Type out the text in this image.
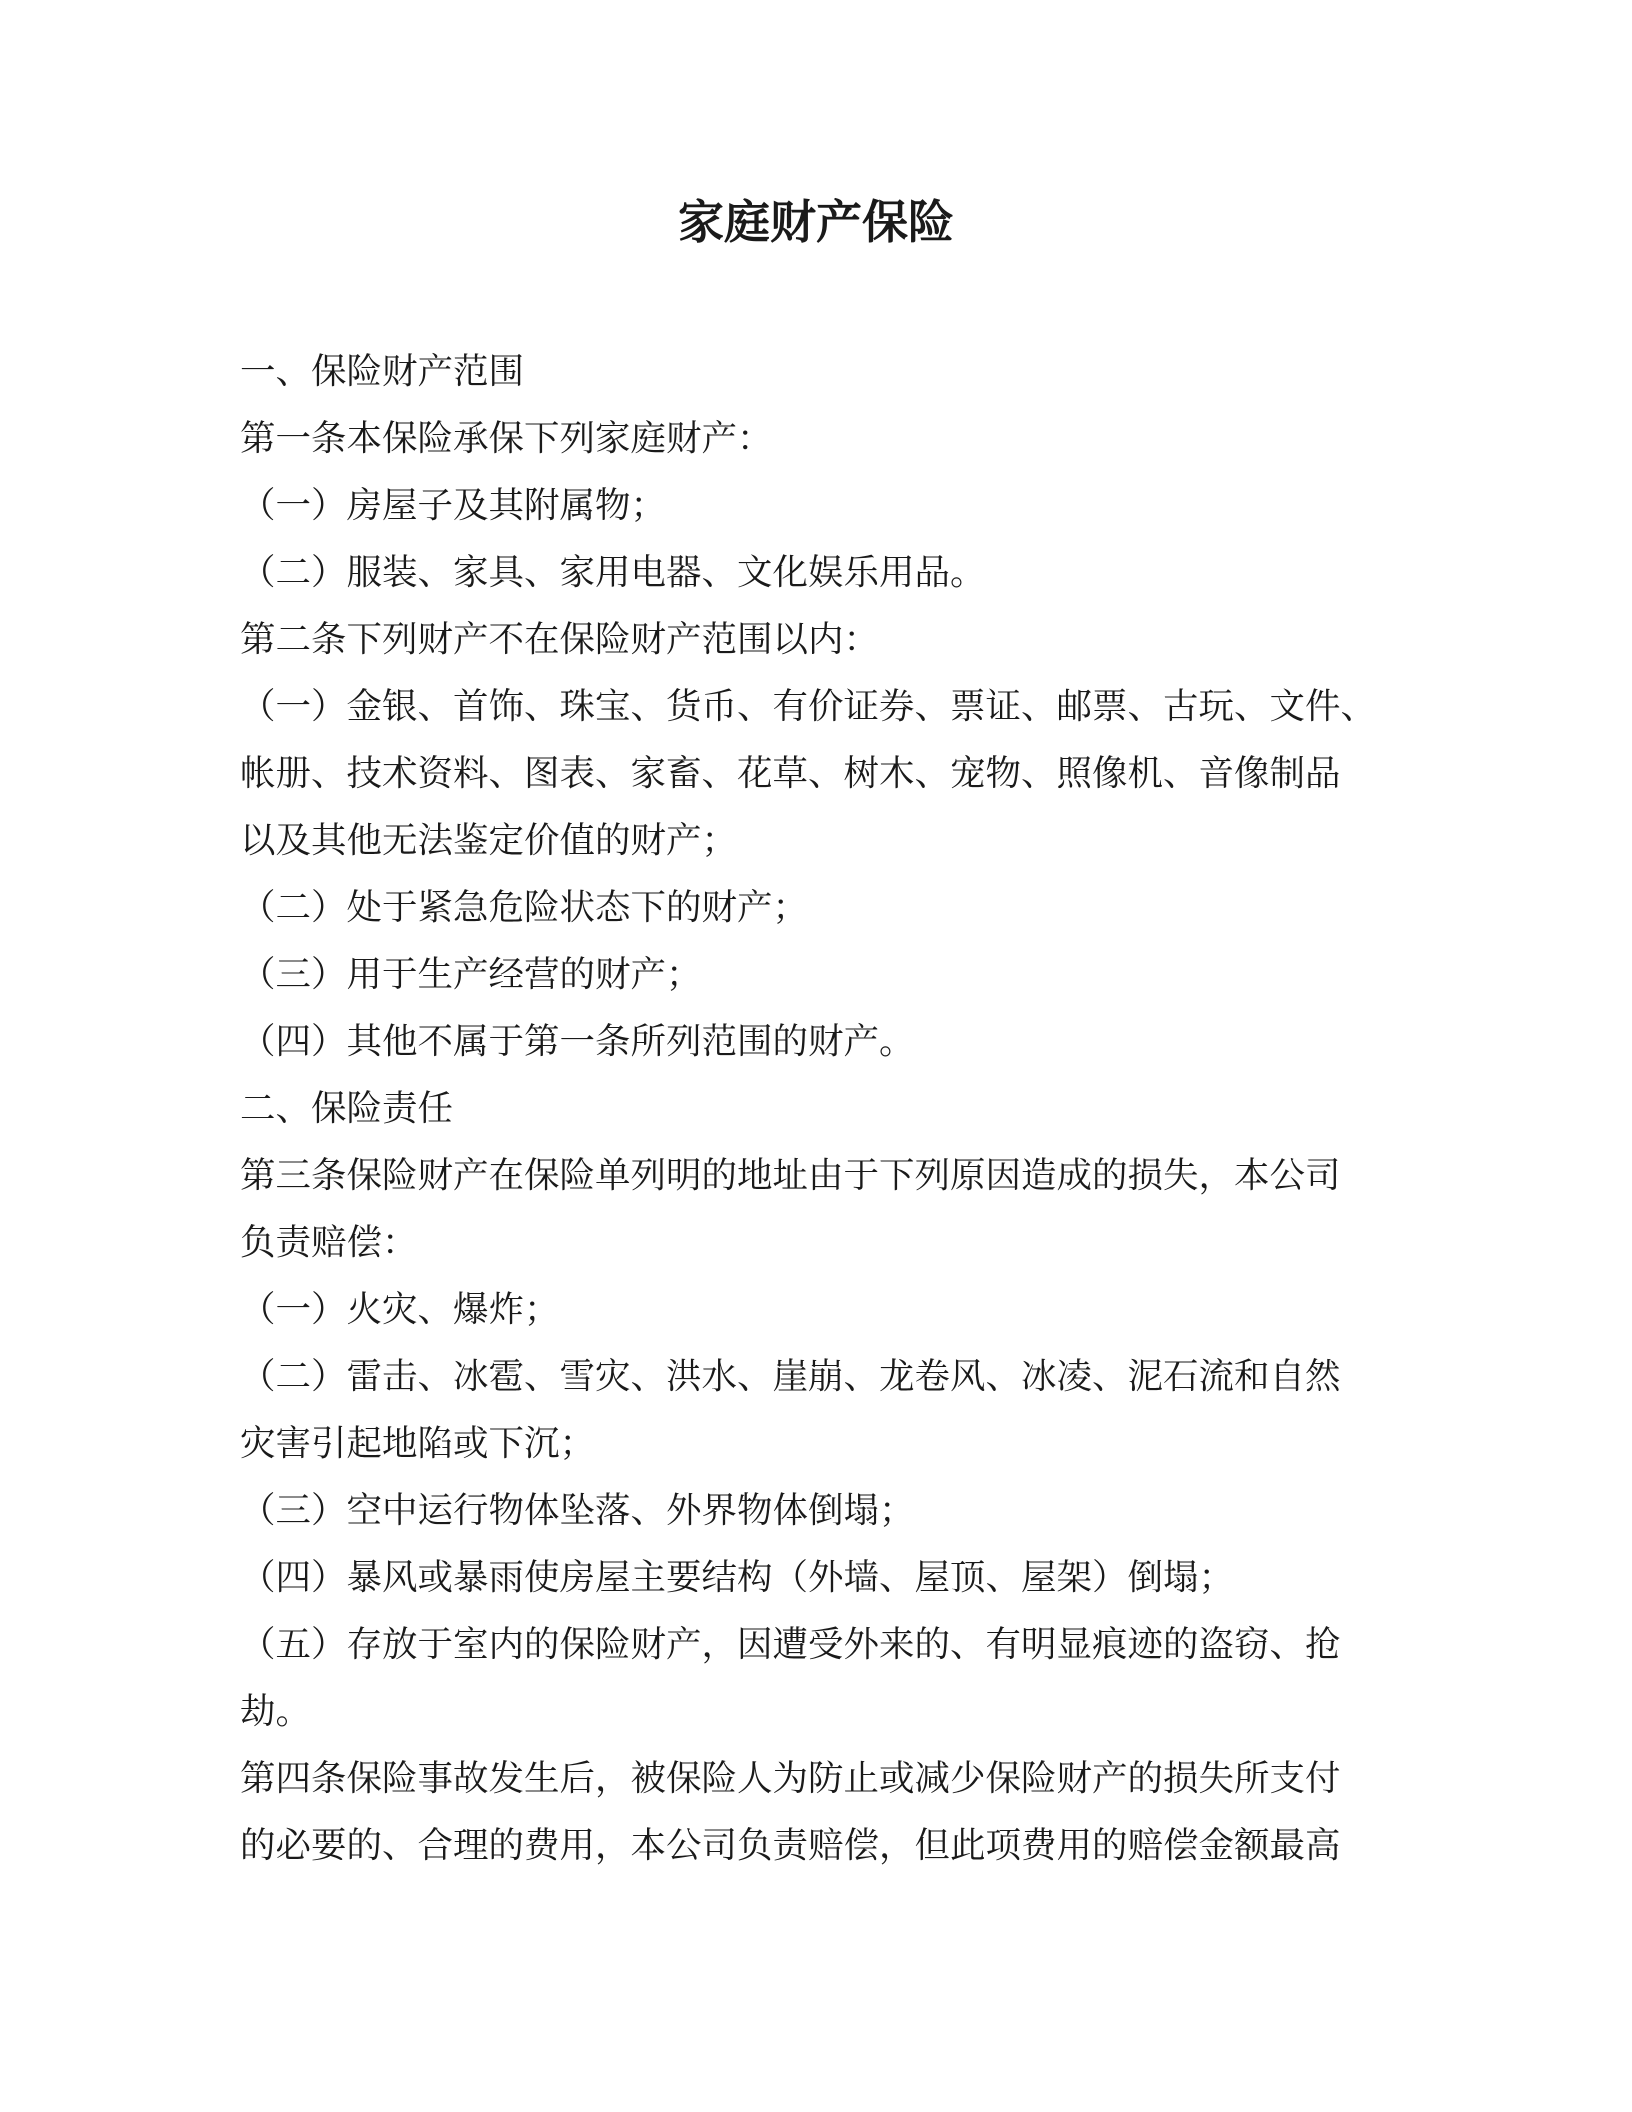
家庭财产保险
一、保险财产范围
第一条本保险承保下列家庭财产：
（一）房屋子及其附属物；
（二）服装、家具、家用电器、文化娱乐用品。
第二条下列财产不在保险财产范围以内：
（一）金银、首饰、珠宝、货币、有价证券、票证、邮票、古玩、文件、
帐册、技术资料、图表、家畜、花草、树木、宠物、照像机、音像制品
以及其他无法鉴定价值的财产；
（二）处于紧急危险状态下的财产；
（三）用于生产经营的财产；
（四）其他不属于第一条所列范围的财产。
二、保险责任
第三条保险财产在保险单列明的地址由于下列原因造成的损失，本公司
负责赔偿：
（一）火灾、爆炸；
（二）雷击、冰雹、雪灾、洪水、崖崩、龙卷风、冰凌、泥石流和自然
灾害引起地陷或下沉；
（三）空中运行物体坠落、外界物体倒塌；
（四）暴风或暴雨使房屋主要结构（外墙、屋顶、屋架）倒塌；
（五）存放于室内的保险财产，因遭受外来的、有明显痕迹的盗窃、抢
劫。
第四条保险事故发生后，被保险人为防止或减少保险财产的损失所支付
的必要的、合理的费用，本公司负责赔偿，但此项费用的赔偿金额最高
